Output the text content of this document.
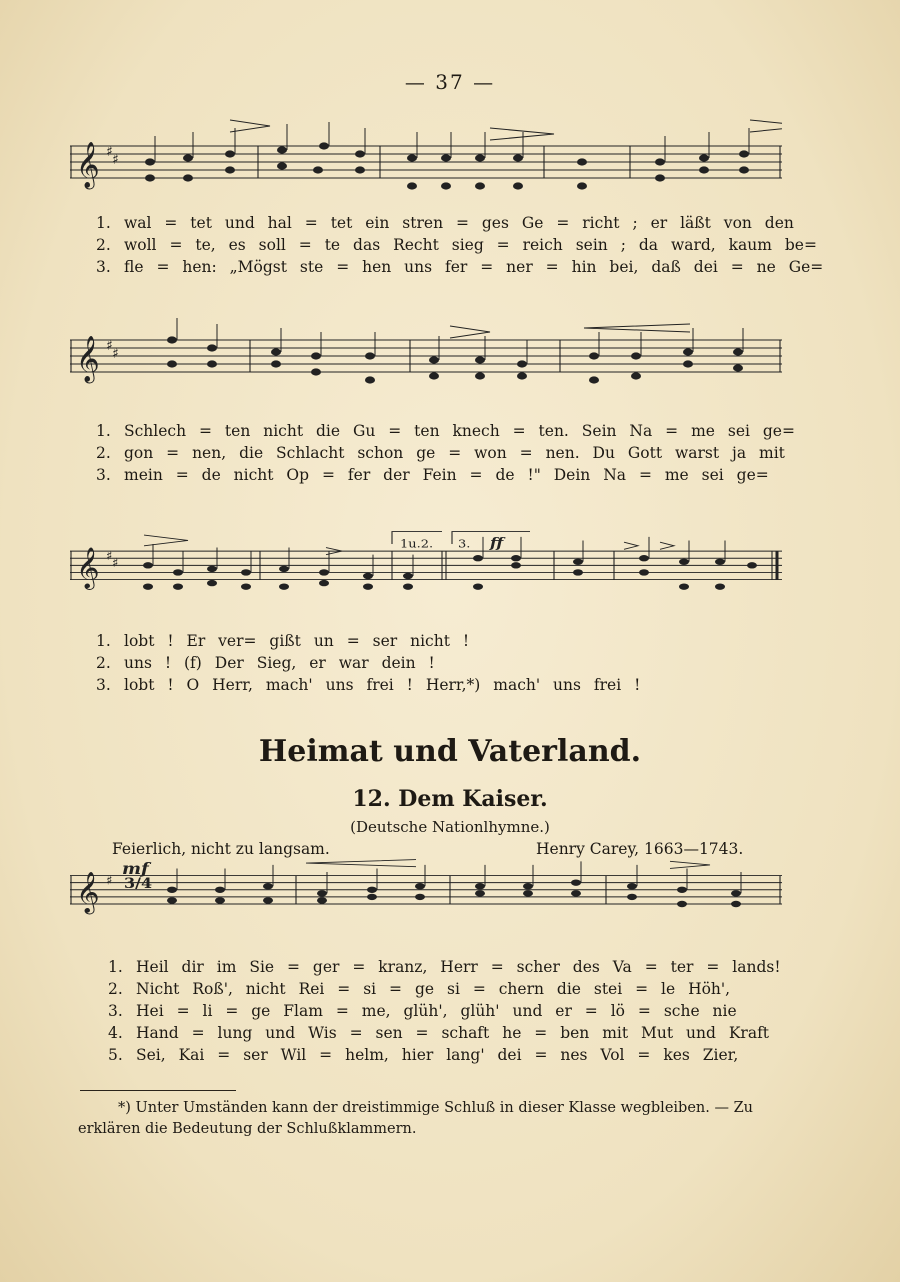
— 37 —
𝄞 ♯ ♯
1. wal = tet und hal = tet ein stren = ges Ge = richt ; er läßt von den
2. woll = te, es soll = te das Recht sieg = reich sein ; da ward, kaum be=
3. fle = hen: „Mögst ste = hen uns fer = ner = hin bei, daß dei = ne Ge=
𝄞 ♯ ♯
1. Schlech = ten nicht die Gu = ten knech = ten. Sein Na = me sei ge=
2. gon = nen, die Schlacht schon ge = won = nen. Du Gott warst ja mit
3. mein = de nicht Op = fer der Fein = de !" Dein Na = me sei ge=
𝄞 ♯
♯
1u.2. 3. ff
1. lobt ! Er ver= gißt un = ser nicht !
2. uns ! (f) Der Sieg, er war dein !
3. lobt ! O Herr, mach' uns frei ! Herr,*) mach' uns frei !
Heimat und Vaterland.
12. Dem Kaiser.
(Deutsche Nationlhymne.)
Feierlich, nicht zu langsam.	Henry Carey, 1663—1743.
𝄞 ♯
mf
3/4
1. Heil dir im Sie = ger = kranz, Herr = scher des Va = ter = lands!
2. Nicht Roß', nicht Rei = si = ge si = chern die stei = le Höh',
3. Hei = li = ge Flam = me, glüh', glüh' und er = lö = sche nie
4. Hand = lung und Wis = sen = schaft he = ben mit Mut und Kraft
5. Sei, Kai = ser Wil = helm, hier lang' dei = nes Vol = kes Zier,
*) Unter Umständen kann der dreistimmige Schluß in dieser Klasse wegbleiben. — Zu erklären die Bedeutung der Schlußklammern.
